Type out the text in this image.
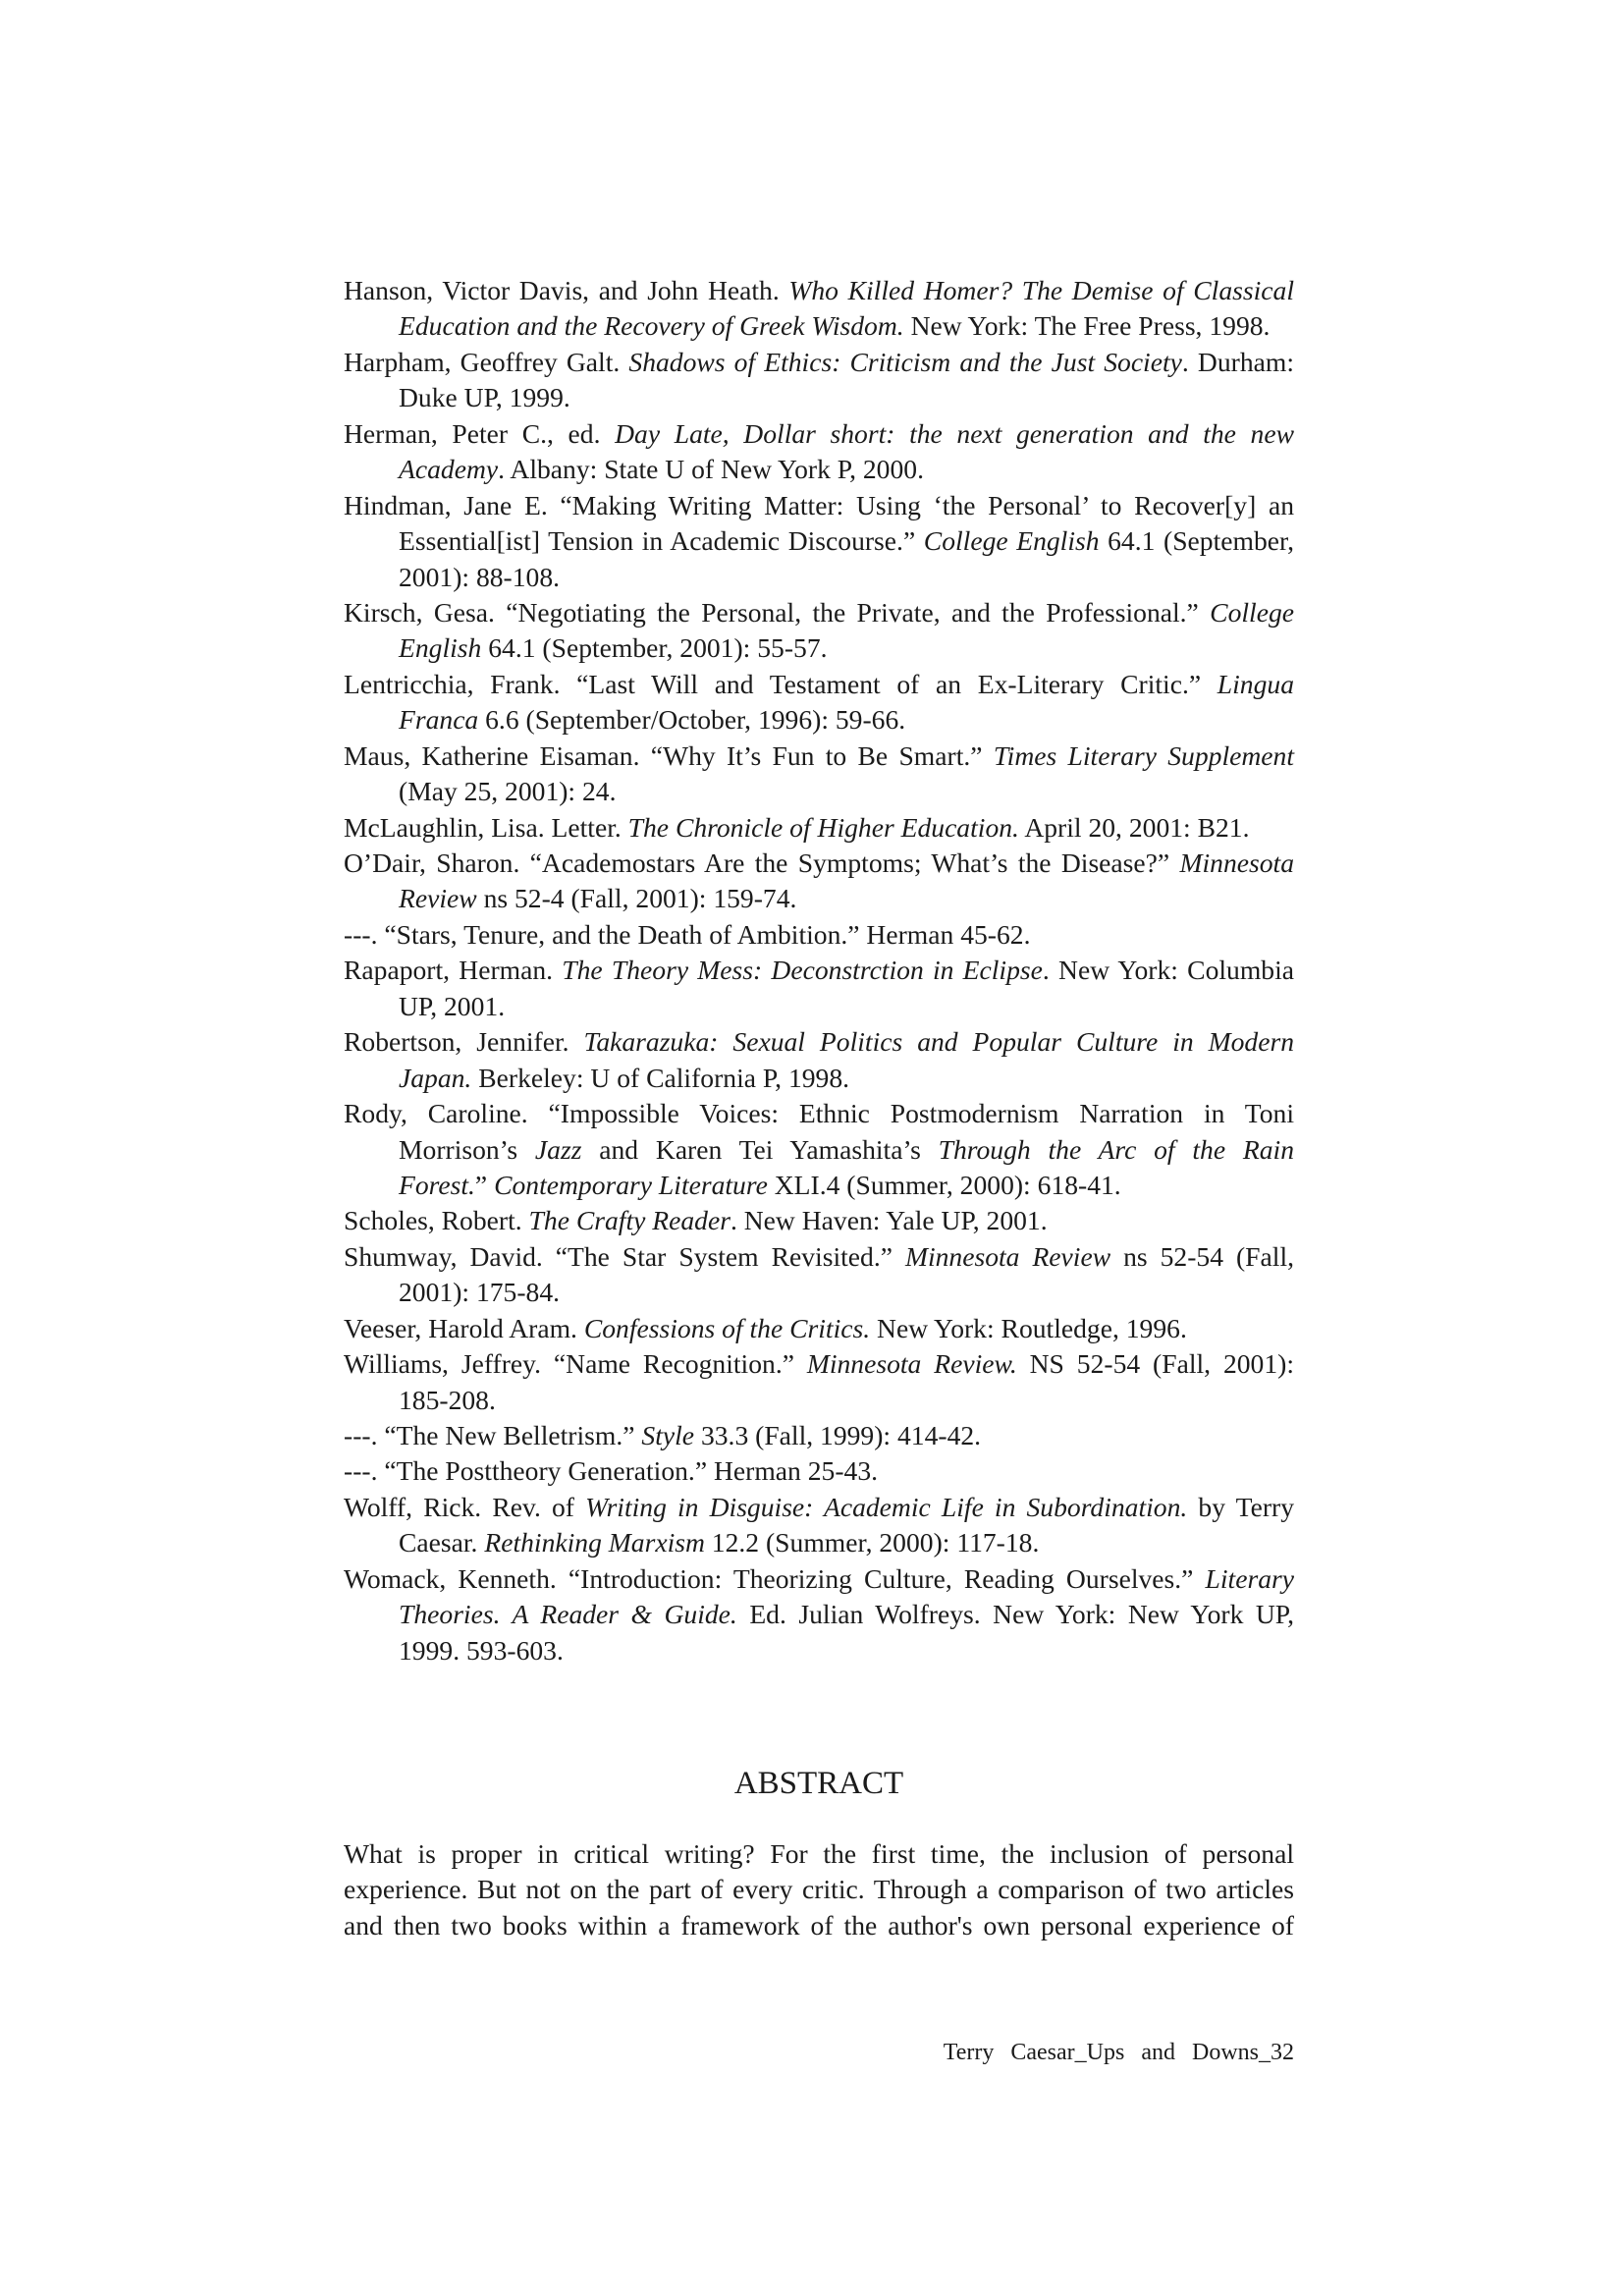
Hanson, Victor Davis, and John Heath. Who Killed Homer? The Demise of Classical
Education and the Recovery of Greek Wisdom. New York: The Free Press, 1998.
Harpham, Geoffrey Galt. Shadows of Ethics: Criticism and the Just Society. Durham:
Duke UP, 1999.
Herman, Peter C., ed. Day Late, Dollar short: the next generation and the new
Academy. Albany: State U of New York P, 2000.
Hindman, Jane E. “Making Writing Matter: Using ‘the Personal’ to Recover[y] an
Essential[ist] Tension in Academic Discourse.” College English 64.1 (September,
2001): 88-108.
Kirsch, Gesa. “Negotiating the Personal, the Private, and the Professional.” College
English 64.1 (September, 2001): 55-57.
Lentricchia, Frank. “Last Will and Testament of an Ex-Literary Critic.” Lingua
Franca 6.6 (September/October, 1996): 59-66.
Maus, Katherine Eisaman. “Why It’s Fun to Be Smart.” Times Literary Supplement
(May 25, 2001): 24.
McLaughlin, Lisa. Letter. The Chronicle of Higher Education. April 20, 2001: B21.
O’Dair, Sharon. “Academostars Are the Symptoms; What’s the Disease?” Minnesota
Review ns 52-4 (Fall, 2001): 159-74.
---. “Stars, Tenure, and the Death of Ambition.” Herman 45-62.
Rapaport, Herman. The Theory Mess: Deconstrction in Eclipse. New York: Columbia
UP, 2001.
Robertson, Jennifer. Takarazuka: Sexual Politics and Popular Culture in Modern
Japan. Berkeley: U of California P, 1998.
Rody, Caroline. “Impossible Voices: Ethnic Postmodernism Narration in Toni
Morrison’s Jazz and Karen Tei Yamashita’s Through the Arc of the Rain
Forest.” Contemporary Literature XLI.4 (Summer, 2000): 618-41.
Scholes, Robert. The Crafty Reader. New Haven: Yale UP, 2001.
Shumway, David. “The Star System Revisited.” Minnesota Review ns 52-54 (Fall,
2001): 175-84.
Veeser, Harold Aram. Confessions of the Critics. New York: Routledge, 1996.
Williams, Jeffrey. “Name Recognition.” Minnesota Review. NS 52-54 (Fall, 2001):
185-208.
---. “The New Belletrism.” Style 33.3 (Fall, 1999): 414-42.
---. “The Posttheory Generation.” Herman 25-43.
Wolff, Rick. Rev. of Writing in Disguise: Academic Life in Subordination. by Terry
Caesar. Rethinking Marxism 12.2 (Summer, 2000): 117-18.
Womack, Kenneth. “Introduction: Theorizing Culture, Reading Ourselves.” Literary
Theories. A Reader & Guide. Ed. Julian Wolfreys. New York: New York UP,
1999. 593-603.
ABSTRACT
What is proper in critical writing? For the first time, the inclusion of personal
experience. But not on the part of every critic. Through a comparison of two articles
and then two books within a framework of the author's own personal experience of
Terry Caesar_Ups and Downs_32
